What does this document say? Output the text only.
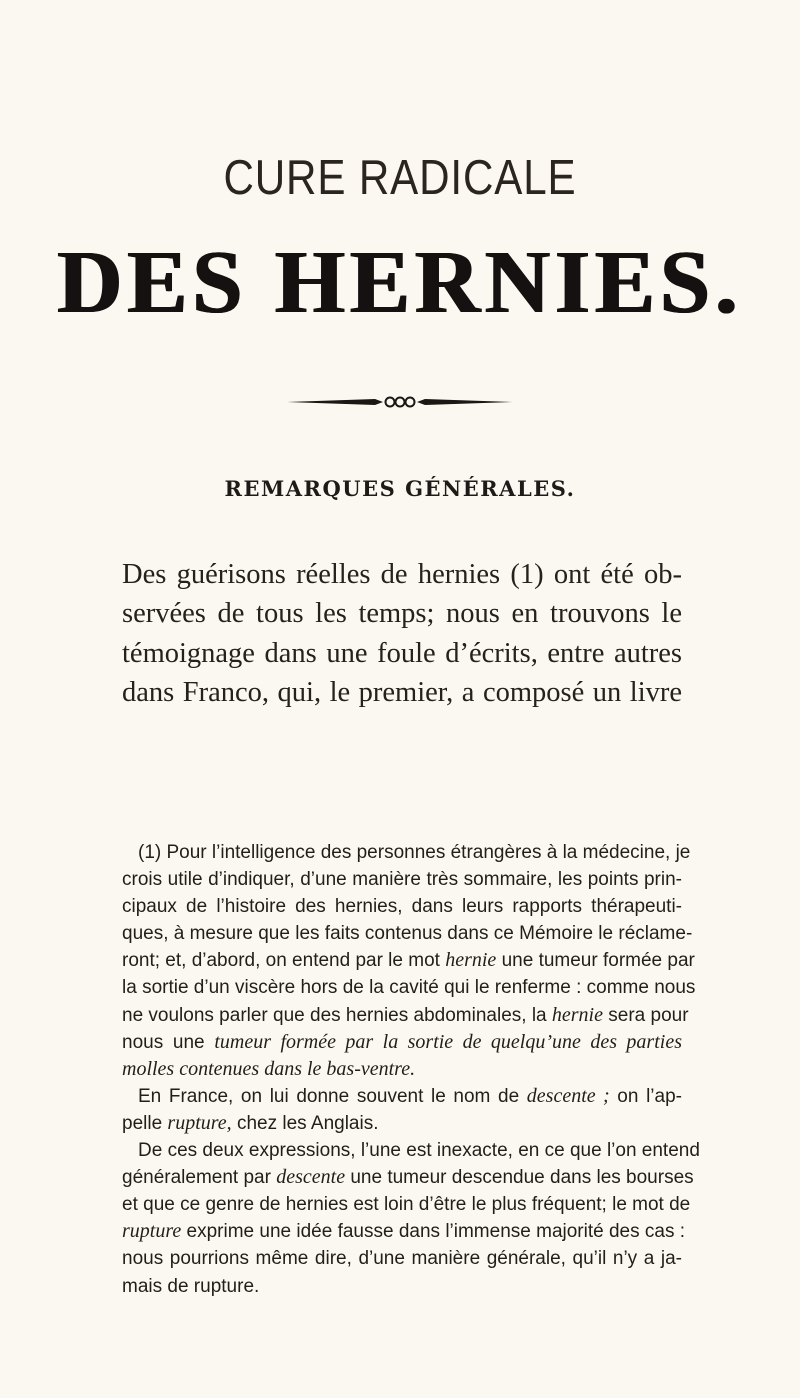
CURE RADICALE
DES HERNIES.
REMARQUES GÉNÉRALES.
Des guérisons réelles de hernies (1) ont été ob-
servées de tous les temps; nous en trouvons le
témoignage dans une foule d’écrits, entre autres
dans Franco, qui, le premier, a composé un livre
(1) Pour l’intelligence des personnes étrangères à la médecine, je
crois utile d’indiquer, d’une manière très sommaire, les points prin-
cipaux de l’histoire des hernies, dans leurs rapports thérapeuti-
ques, à mesure que les faits contenus dans ce Mémoire le réclame-
ront; et, d’abord, on entend par le mot hernie une tumeur formée par
la sortie d’un viscère hors de la cavité qui le renferme : comme nous
ne voulons parler que des hernies abdominales, la hernie sera pour
nous une tumeur formée par la sortie de quelqu’une des parties
molles contenues dans le bas-ventre.
En France, on lui donne souvent le nom de descente ; on l’ap-
pelle rupture, chez les Anglais.
De ces deux expressions, l’une est inexacte, en ce que l’on entend
généralement par descente une tumeur descendue dans les bourses
et que ce genre de hernies est loin d’être le plus fréquent; le mot de
rupture exprime une idée fausse dans l’immense majorité des cas :
nous pourrions même dire, d’une manière générale, qu’il n’y a ja-
mais de rupture.
